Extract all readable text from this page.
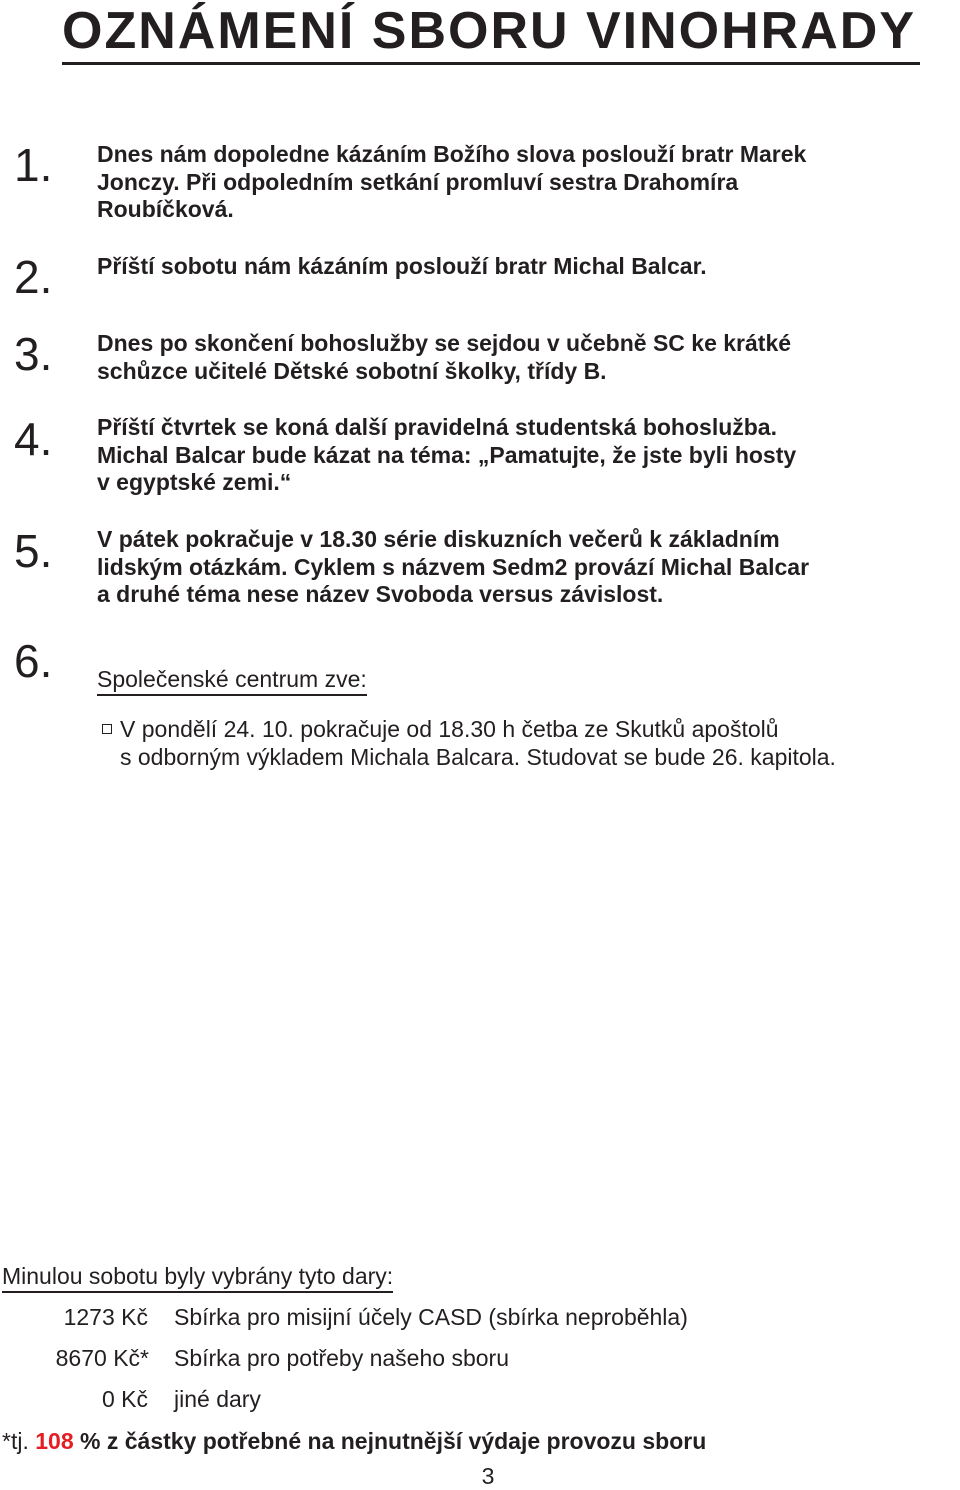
OZNÁMENÍ SBORU VINOHRADY
1. Dnes nám dopoledne kázáním Božího slova poslouží bratr Marek
Jonczy. Při odpoledním setkání promluví sestra Drahomíra
Roubíčková.
2. Příští sobotu nám kázáním poslouží bratr Michal Balcar.
3. Dnes po skončení bohoslužby se sejdou v učebně SC ke krátké
schůzce učitelé Dětské sobotní školky, třídy B.
4. Příští čtvrtek se koná další pravidelná studentská bohoslužba.
Michal Balcar bude kázat na téma: „Pamatujte, že jste byli hosty
v egyptské zemi.“
5. V pátek pokračuje v 18.30 série diskuzních večerů k základním
lidským otázkám. Cyklem s názvem Sedm2 provází Michal Balcar
a druhé téma nese název Svoboda versus závislost.
6. Společenské centrum zve:

V pondělí 24. 10. pokračuje od 18.30 h četba ze Skutků apoštolů
s odborným výkladem Michala Balcara. Studovat se bude 26. kapitola.
Minulou sobotu byly vybrány tyto dary:
1273 Kč Sbírka pro misijní účely CASD (sbírka neproběhla)
8670 Kč* Sbírka pro potřeby našeho sboru
0 Kč jiné dary
*tj. 108 % z částky potřebné na nejnutnější výdaje provozu sboru
3
